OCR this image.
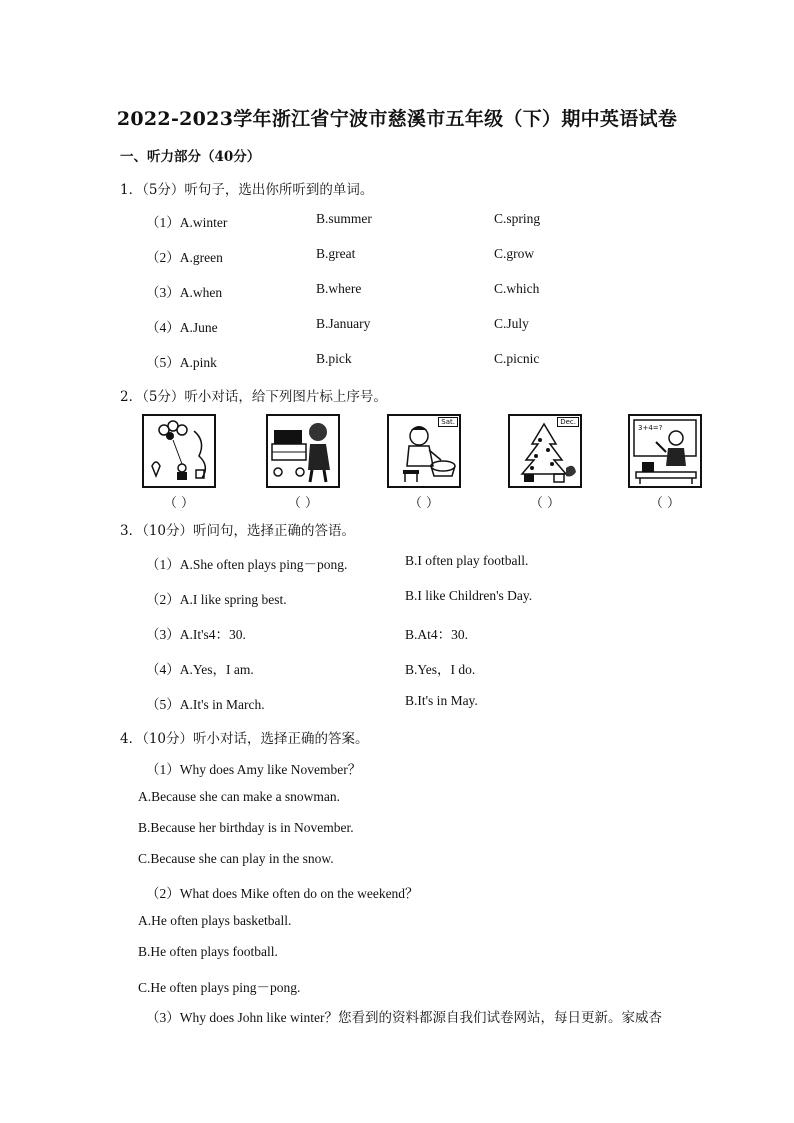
2022-2023学年浙江省宁波市慈溪市五年级（下）期中英语试卷
一、听力部分（40分）
1．（5分）听句子，选出你所听到的单词。
（1）A.winter	B.summer	C.spring
（2）A.green	B.great	C.grow
（3）A.when	B.where	C.which
（4）A.June	B.January	C.July
（5）A.pink	B.pick	C.picnic
2．（5分）听小对话，给下列图片标上序号。
Sat.	Dec.
3+4=?
（ ）	（ ）	（ ）	（ ）	（ ）
3．（10分）听问句，选择正确的答语。
（1）A.She often plays ping－pong.	B.I often play football.
（2）A.I like spring best.	B.I like Children's Day.
（3）A.It's4：30.	B.At4：30.
（4）A.Yes，I am.	B.Yes，I do.
（5）A.It's in March.	B.It's in May.
4．（10分）听小对话，选择正确的答案。
（1）Why does Amy like November？
A.Because she can make a snowman.
B.Because her birthday is in November.
C.Because she can play in the snow.
（2）What does Mike often do on the weekend？
A.He often plays basketball.
B.He often plays football.
C.He often plays ping－pong.
（3）Why does John like winter？您看到的资料都源自我们试卷网站，每日更新。家威杏
